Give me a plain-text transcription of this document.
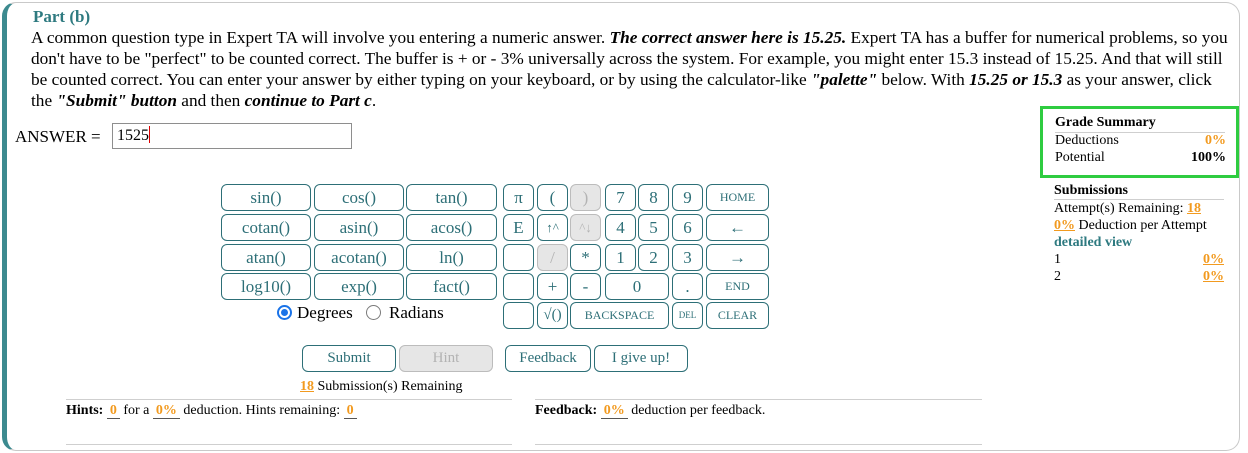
Part (b)
A common question type in Expert TA will involve you entering a numeric answer. The correct answer here is 15.25. Expert TA has a buffer for numerical problems, so you don't have to be "perfect" to be counted correct. The buffer is + or - 3% universally across the system. For example, you might enter 15.3 instead of 15.25. And that will still be counted correct. You can enter your answer by either typing on your keyboard, or by using the calculator-like "palette" below. With 15.25 or 15.3 as your answer, click the "Submit" button and then continue to Part c.
ANSWER =	1525
sin()	cos()	tan()
cotan()	asin()	acos()
atan()	acotan()	ln()
log10()	exp()	fact()
π	(	)	7	8	9	HOME
E	↑^	^↓	4	5	6	←
/	*	1	2	3	→
+	-	0	.	END
√()	BACKSPACE	DEL	CLEAR
Degrees Radians
Submit	Hint	Feedback	I give up!
18 Submission(s) Remaining
Hints: 0 for a 0% deduction. Hints remaining: 0	Feedback: 0% deduction per feedback.
Grade Summary
Deductions	0%
Potential	100%
Submissions
Attempt(s) Remaining: 18
0% Deduction per Attempt
detailed view
1	0%
2	0%
